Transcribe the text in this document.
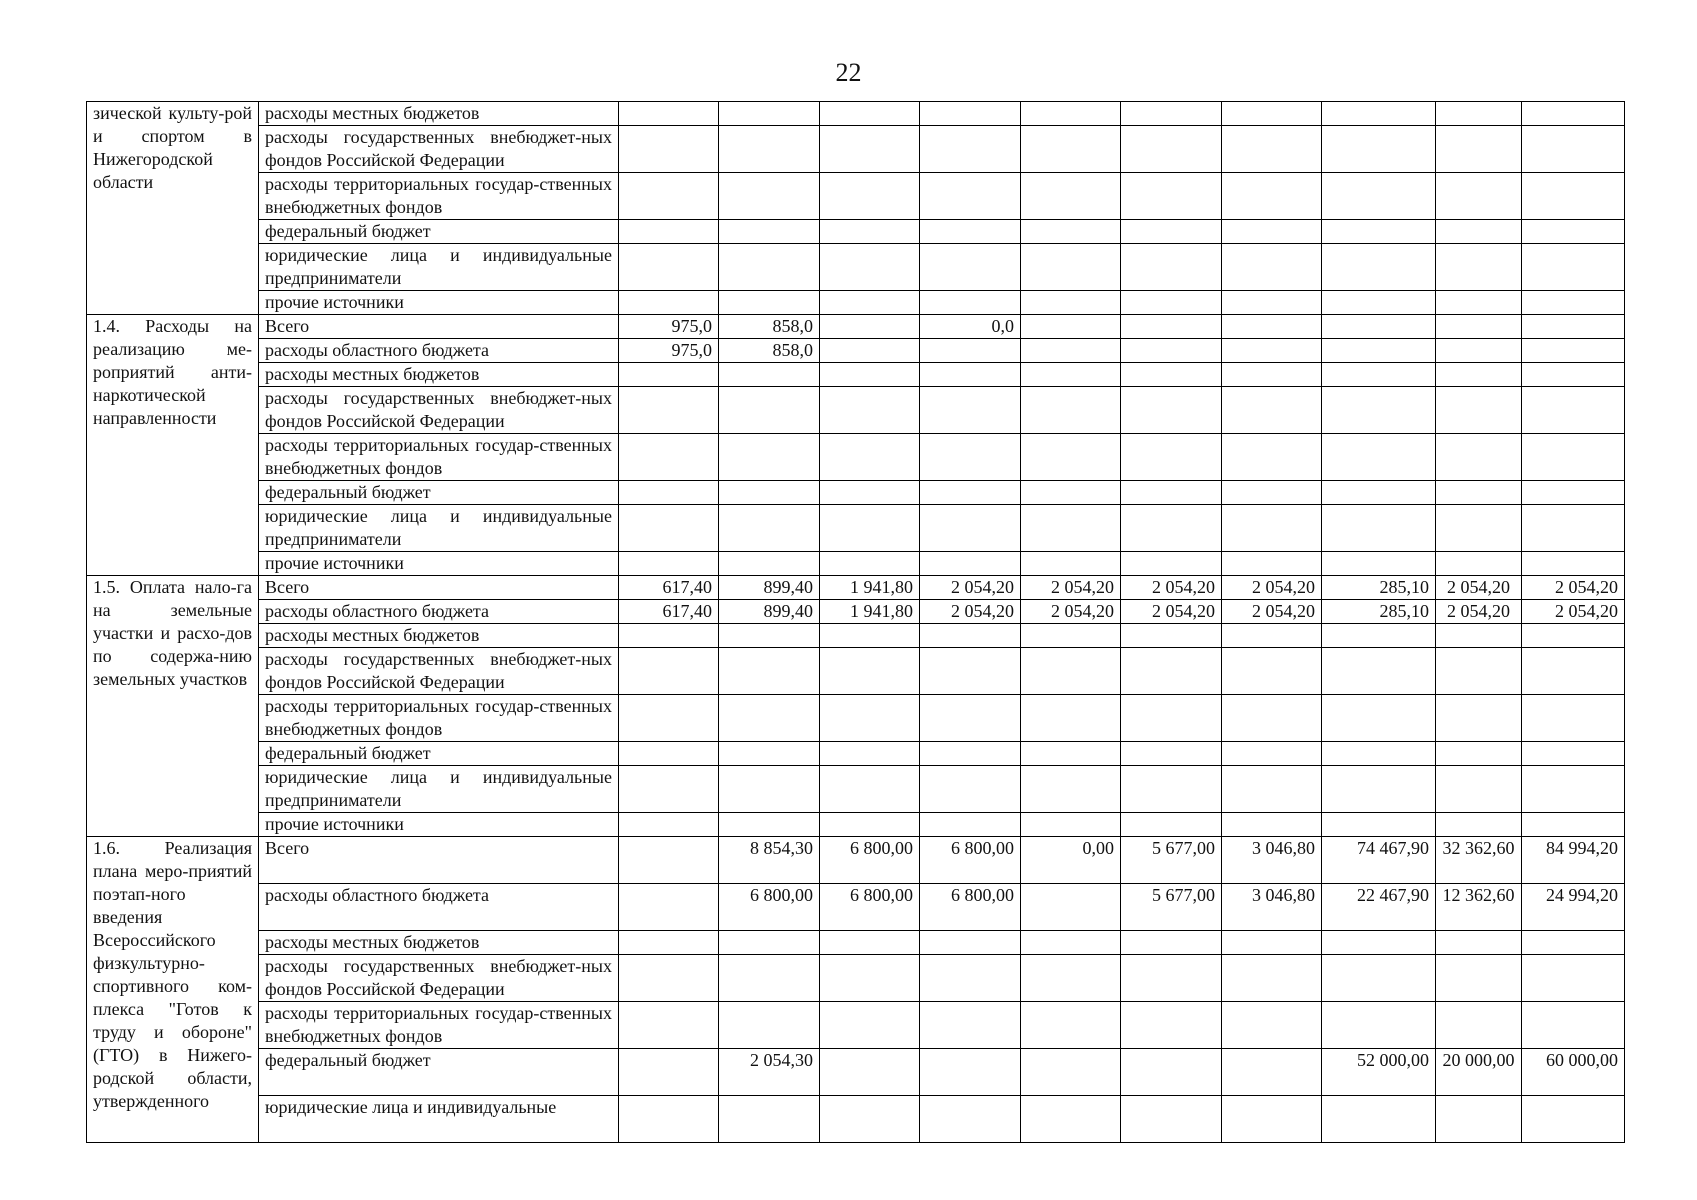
22
зической культу-рой и спортом в Нижегородской области	расходы местных бюджетов										
	расходы государственных внебюджет-ных фондов Российской Федерации										
	расходы территориальных государ-ственных внебюджетных фондов										
	федеральный бюджет										
	юридические лица и индивидуальные предприниматели										
	прочие источники										
1.4. Расходы на реализацию ме-роприятий анти-наркотической направленности	Всего	975,0	858,0		0,0						
	расходы областного бюджета	975,0	858,0								
	расходы местных бюджетов										
	расходы государственных внебюджет-ных фондов Российской Федерации										
	расходы территориальных государ-ственных внебюджетных фондов										
	федеральный бюджет										
	юридические лица и индивидуальные предприниматели										
	прочие источники										
1.5. Оплата нало-га на земельные участки и расхо-дов по содержа-нию земельных участков	Всего	617,40	899,40	1 941,80	2 054,20	2 054,20	2 054,20	2 054,20	285,10	2 054,20	2 054,20
	расходы областного бюджета	617,40	899,40	1 941,80	2 054,20	2 054,20	2 054,20	2 054,20	285,10	2 054,20	2 054,20
	расходы местных бюджетов										
	расходы государственных внебюджет-ных фондов Российской Федерации										
	расходы территориальных государ-ственных внебюджетных фондов										
	федеральный бюджет										
	юридические лица и индивидуальные предприниматели										
	прочие источники										
1.6. Реализация плана меро-приятий поэтап-ного введения Всероссийского физкультурно-спортивного ком-плекса "Готов к труду и обороне" (ГТО) в Нижего-родской области, утвержденного	Всего		8 854,30	6 800,00	6 800,00	0,00	5 677,00	3 046,80	74 467,90	32 362,60	84 994,20
	расходы областного бюджета		6 800,00	6 800,00	6 800,00		5 677,00	3 046,80	22 467,90	12 362,60	24 994,20
	расходы местных бюджетов										
	расходы государственных внебюджет-ных фондов Российской Федерации										
	расходы территориальных государ-ственных внебюджетных фондов										
	федеральный бюджет		2 054,30						52 000,00	20 000,00	60 000,00
	юридические лица и индивидуальные										
